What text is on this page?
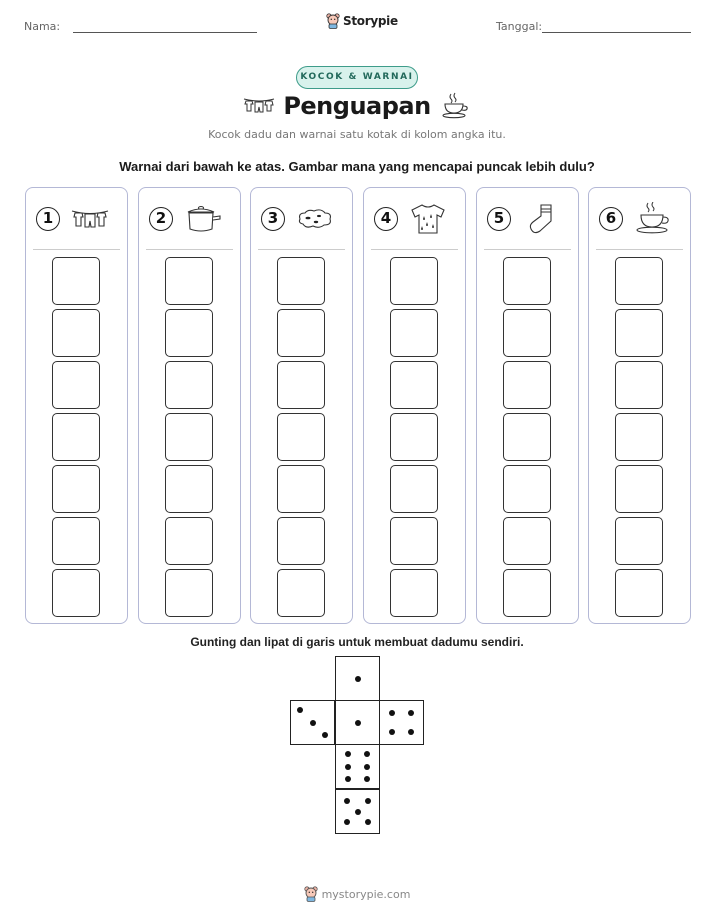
Nama:	Storypie	Tanggal:
KOCOK & WARNAI
Penguapan
Kocok dadu dan warnai satu kotak di kolom angka itu.
Warnai dari bawah ke atas. Gambar mana yang mencapai puncak lebih dulu?
1	2	3	4	5	6
Gunting dan lipat di garis untuk membuat dadumu sendiri.
mystorypie.com
